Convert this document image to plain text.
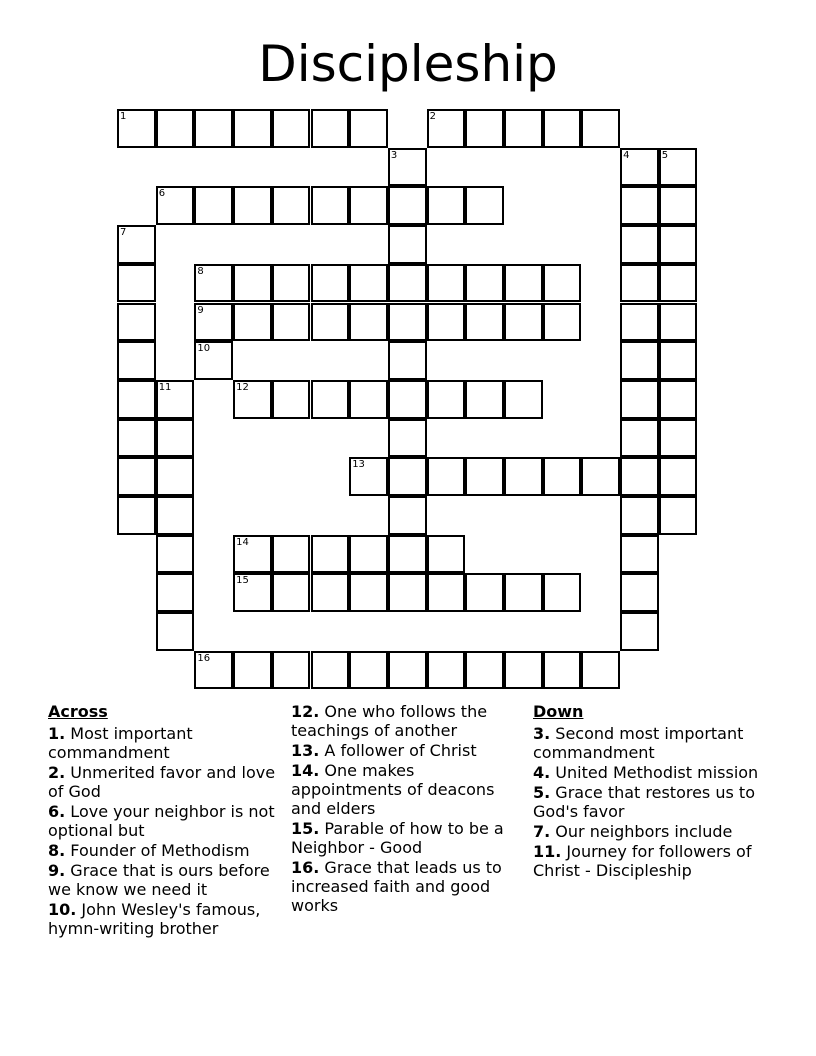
Discipleship
1	2
3	4	5
6
7
8
9
10
11	12
13
14
15
16
Across
1. Most important commandment
2. Unmerited favor and love of God
6. Love your neighbor is not optional but
8. Founder of Methodism
9. Grace that is ours before we know we need it
10. John Wesley's famous, hymn-writing brother
12. One who follows the teachings of another
13. A follower of Christ
14. One makes appointments of deacons and elders
15. Parable of how to be a Neighbor - Good
16. Grace that leads us to increased faith and good works
Down
3. Second most important commandment
4. United Methodist mission
5. Grace that restores us to God's favor
7. Our neighbors include
11. Journey for followers of Christ - Discipleship
